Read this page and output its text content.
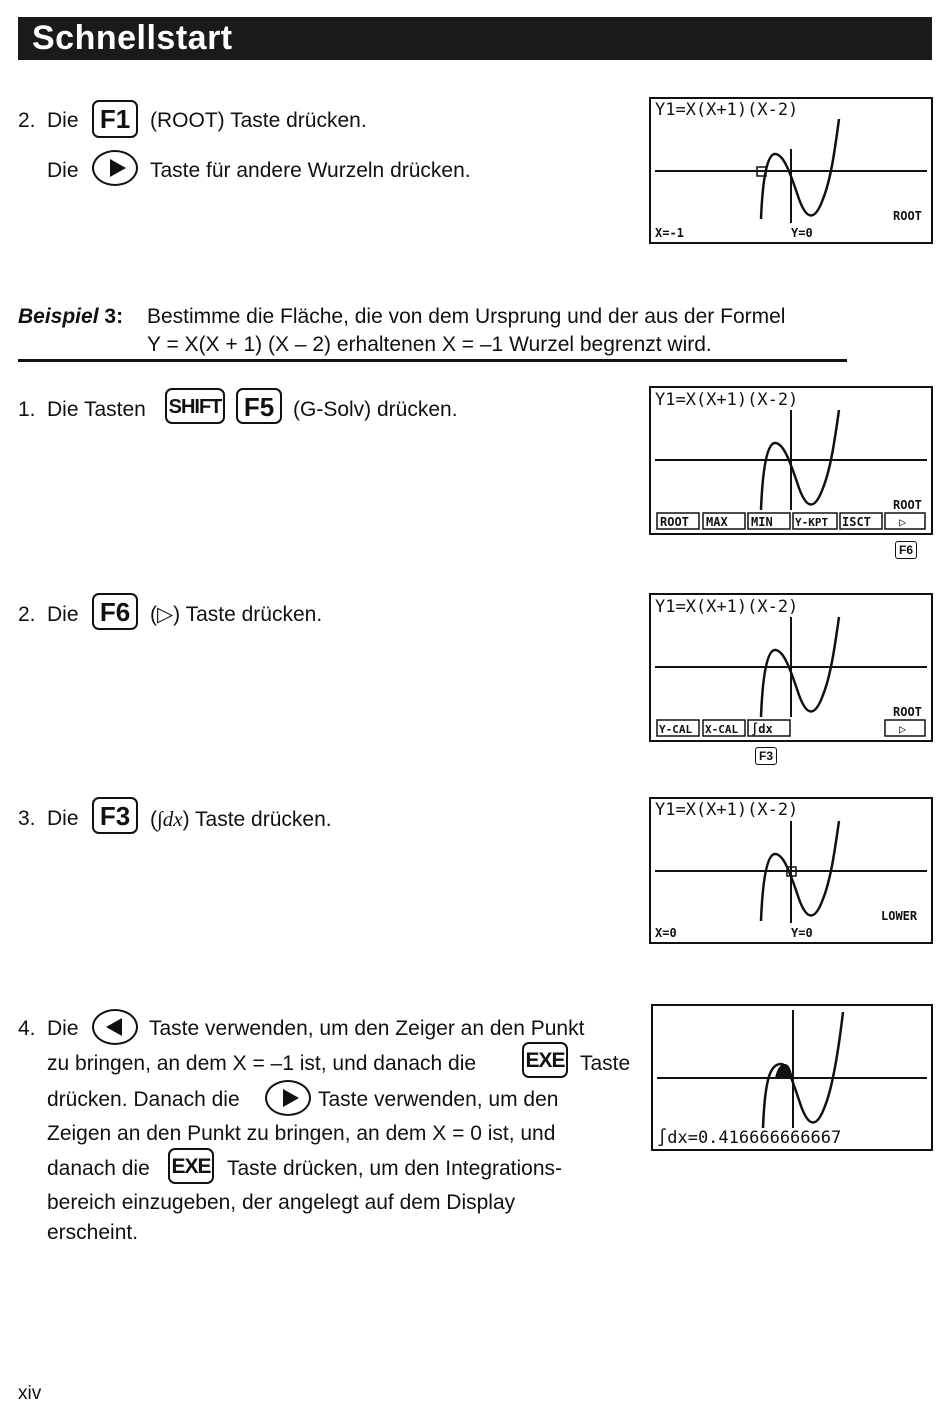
Schnellstart
2. Die F1 (ROOT) Taste drücken.
Die	Taste für andere Wurzeln drücken.
Y1=X(X+1)(X-2)
ROOT
X=-1	Y=0
Beispiel 3: Bestimme die Fläche, die von dem Ursprung und der aus der Formel
Y = X(X + 1) (X – 2) erhaltenen X = –1 Wurzel begrenzt wird.
1. Die Tasten SHIFT F5 (G-Solv) drücken.	Y1=X(X+1)(X-2)
ROOT
ROOT MAX MIN Y-KPT ISCT ▷
F6
2. Die F6 (▷) Taste drücken.	Y1=X(X+1)(X-2)
ROOT
Y-CAL X-CAL ∫dx	▷
F3
3. Die F3 (∫dx) Taste drücken.	Y1=X(X+1)(X-2)
LOWER
X=0	Y=0
4. Die	Taste verwenden, um den Zeiger an den Punkt
zu bringen, an dem X = –1 ist, und danach die EXE Taste
drücken. Danach die	Taste verwenden, um den
Zeigen an den Punkt zu bringen, an dem X = 0 ist, und
danach die EXE Taste drücken, um den Integrations-
bereich einzugeben, der angelegt auf dem Display
erscheint.
∫dx=0.416666666667
xiv
